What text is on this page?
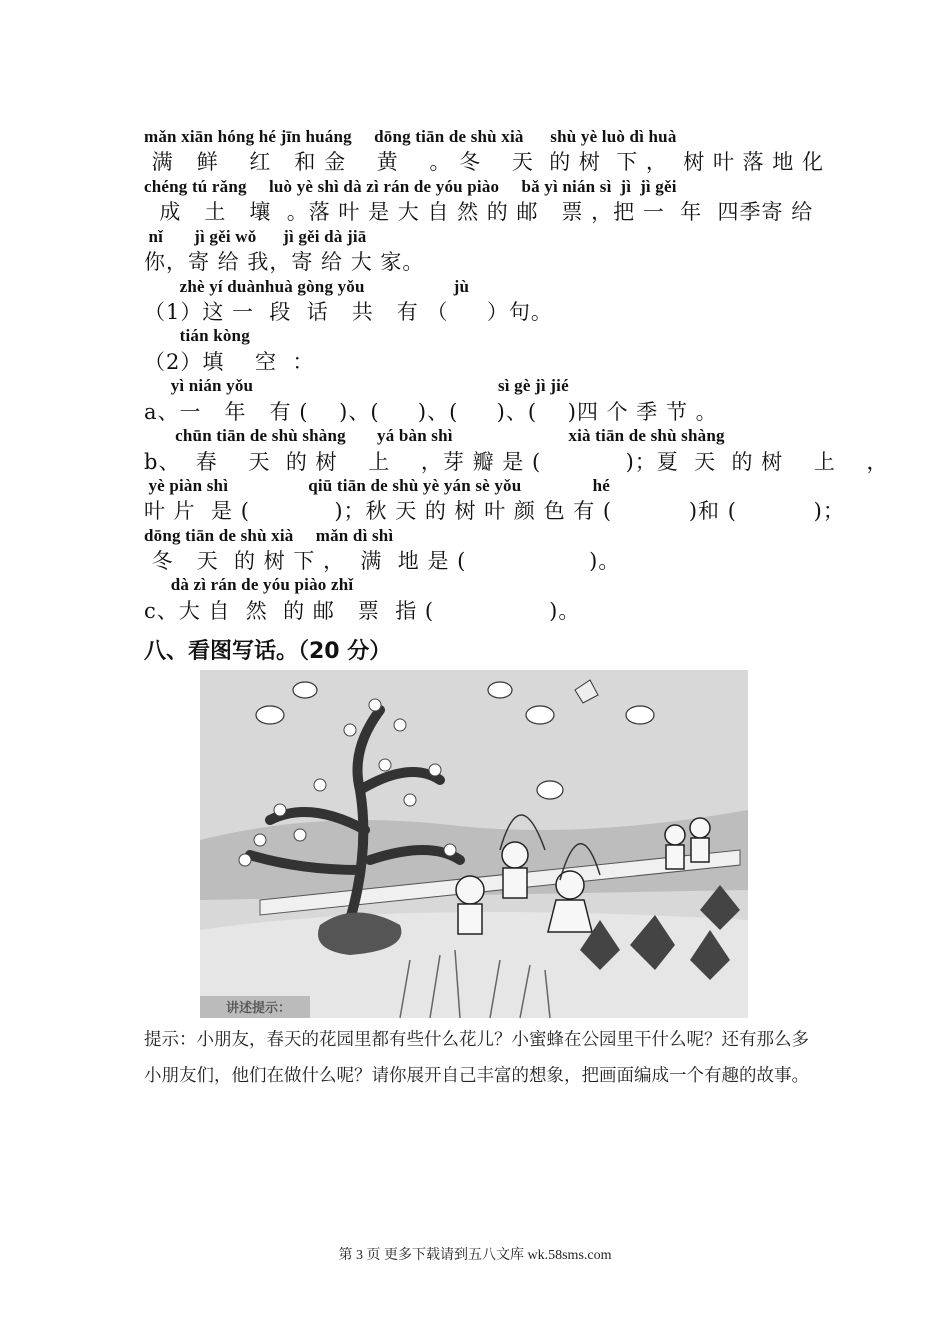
mǎn xiān hóng hé jīn huáng     dōng tiān de shù xià      shù yè luò dì huà
满   鲜    红   和 金    黄    。 冬    天  的 树  下 ，  树 叶 落 地 化
chéng tú rǎng     luò yè shì dà zì rán de yóu piào     bǎ yì nián sì  jì  jì gěi
成   土   壤  。落 叶 是 大 自 然 的 邮   票 ，把 一  年  四季寄 给
nǐ       jì gěi wǒ      jì gěi dà jiā
你，寄 给 我，寄 给 大 家。
zhè yí duànhuà gòng yǒu                    jù
（1）这 一  段  话   共   有 （     ）句。
tián kòng
（2）填    空  ：
yì nián yǒu                                                       sì gè jì jié
a、一   年   有 (    )、(     )、(     )、(    )四 个 季 节 。
chūn tiān de shù shàng       yá bàn shì                          xià tiān de shù shàng
b、  春    天  的 树    上    ，芽 瓣 是 (           )；夏  天  的 树    上    ，
yè piàn shì                  qiū tiān de shù yè yán sè yǒu                hé
叶 片  是 (           )；秋 天 的 树 叶 颜 色 有 (          )和 (          )；
dōng tiān de shù xià     mǎn dì shì
冬   天  的 树 下 ，  满  地 是 (                )。
dà zì rán de yóu piào zhǐ
c、大 自  然  的 邮   票  指 (               )。
八、看图写话。（20 分）
讲述提示：
提示：小朋友，春天的花园里都有些什么花儿？小蜜蜂在公园里干什么呢？还有那么多小朋友们，他们在做什么呢？请你展开自己丰富的想象，把画面编成一个有趣的故事。
第 3 页 更多下载请到五八文库 wk.58sms.com
